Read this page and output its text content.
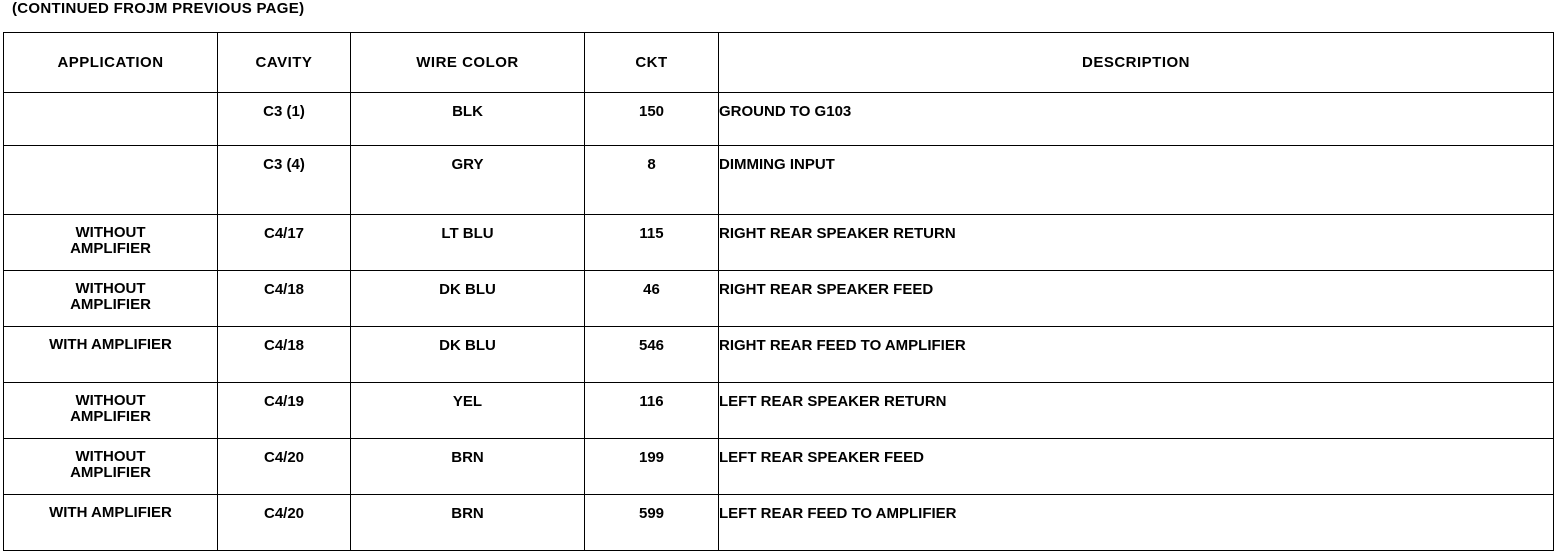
(CONTINUED FROJM PREVIOUS PAGE)
APPLICATION	CAVITY	WIRE COLOR	CKT	DESCRIPTION
	C3 (1)	BLK	150	GROUND TO G103
	C3 (4)	GRY	8	DIMMING INPUT

WITHOUT
AMPLIFIER	C4/17	LT BLU	115	RIGHT REAR SPEAKER RETURN

WITHOUT
AMPLIFIER	C4/18	DK BLU	46	RIGHT REAR SPEAKER FEED
WITH AMPLIFIER	C4/18	DK BLU	546	RIGHT REAR FEED TO AMPLIFIER

WITHOUT
AMPLIFIER	C4/19	YEL	116	LEFT REAR SPEAKER RETURN

WITHOUT
AMPLIFIER	C4/20	BRN	199	LEFT REAR SPEAKER FEED
WITH AMPLIFIER	C4/20	BRN	599	LEFT REAR FEED TO AMPLIFIER
